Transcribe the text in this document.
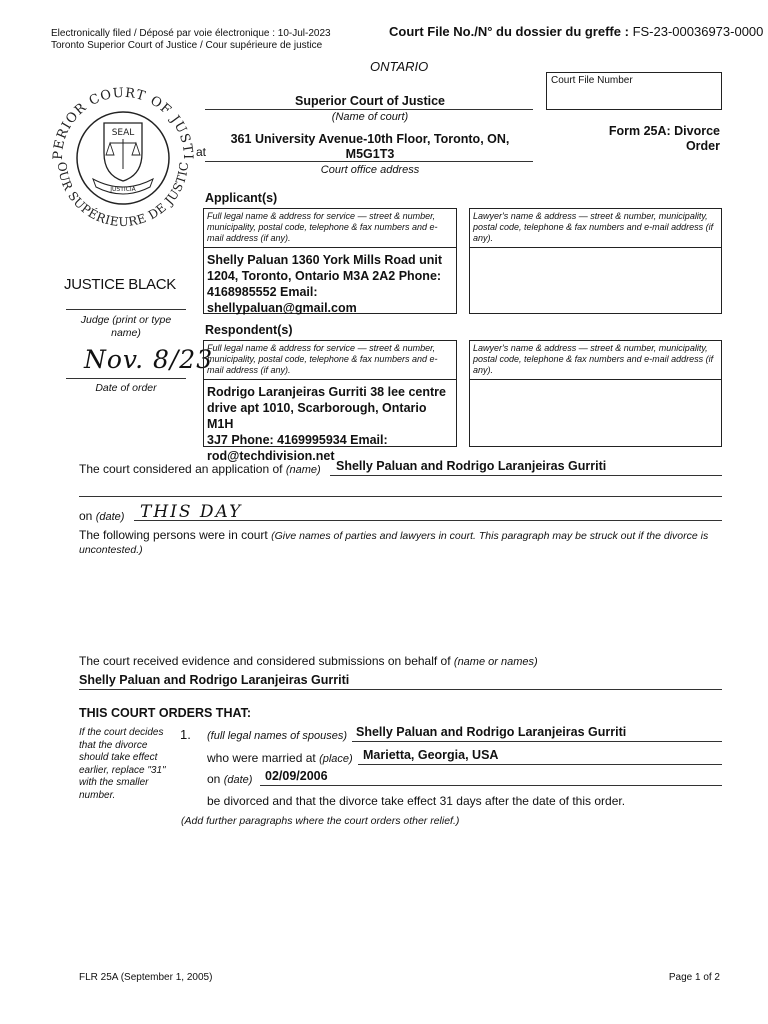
Electronically filed / Déposé par voie électronique : 10-Jul-2023
Toronto Superior Court of Justice / Cour supérieure de justice
Court File No./N° du dossier du greffe : FS-23-00036973-0000
ONTARIO
PERIOR COURT OF JUSTI
OUR SUPÉRIEURE DE JUSTIC
SEAL
JUSTICIA
at
Superior Court of Justice
(Name of court)
361 University Avenue-10th Floor, Toronto, ON,
M5G1T3
Court office address
Court File Number
Form 25A: Divorce
Order
JUSTICE BLACK
Judge (print or type
name)
Nov. 8/23
Date of order
Applicant(s)
Full legal name & address for service — street & number, municipality, postal code, telephone & fax numbers and e-mail address (if any).
Shelly Paluan 1360 York Mills Road unit
1204, Toronto, Ontario M3A 2A2 Phone:
4168985552 Email:
shellypaluan@gmail.com
Lawyer's name & address — street & number, municipality, postal code, telephone & fax numbers and e-mail address (if any).
Respondent(s)
Full legal name & address for service — street & number, municipality, postal code, telephone & fax numbers and e-mail address (if any).
Rodrigo Laranjeiras Gurriti 38 lee centre
drive apt 1010, Scarborough, Ontario M1H
3J7 Phone: 4169995934 Email:
rod@techdivision.net
Lawyer's name & address — street & number, municipality, postal code, telephone & fax numbers and e-mail address (if any).
The court considered an application of (name) Shelly Paluan and Rodrigo Laranjeiras Gurriti
on (date) THIS DAY
The following persons were in court (Give names of parties and lawyers in court. This paragraph may be struck out if the divorce is uncontested.)
The court received evidence and considered submissions on behalf of (name or names)
Shelly Paluan and Rodrigo Laranjeiras Gurriti
THIS COURT ORDERS THAT:
If the court decides
that the divorce
should take effect
earlier, replace "31"
with the smaller
number.
1. (full legal names of spouses) Shelly Paluan and Rodrigo Laranjeiras Gurriti
who were married at (place) Marietta, Georgia, USA
on (date) 02/09/2006
be divorced and that the divorce take effect 31 days after the date of this order.
(Add further paragraphs where the court orders other relief.)
FLR 25A (September 1, 2005)	Page 1 of 2
